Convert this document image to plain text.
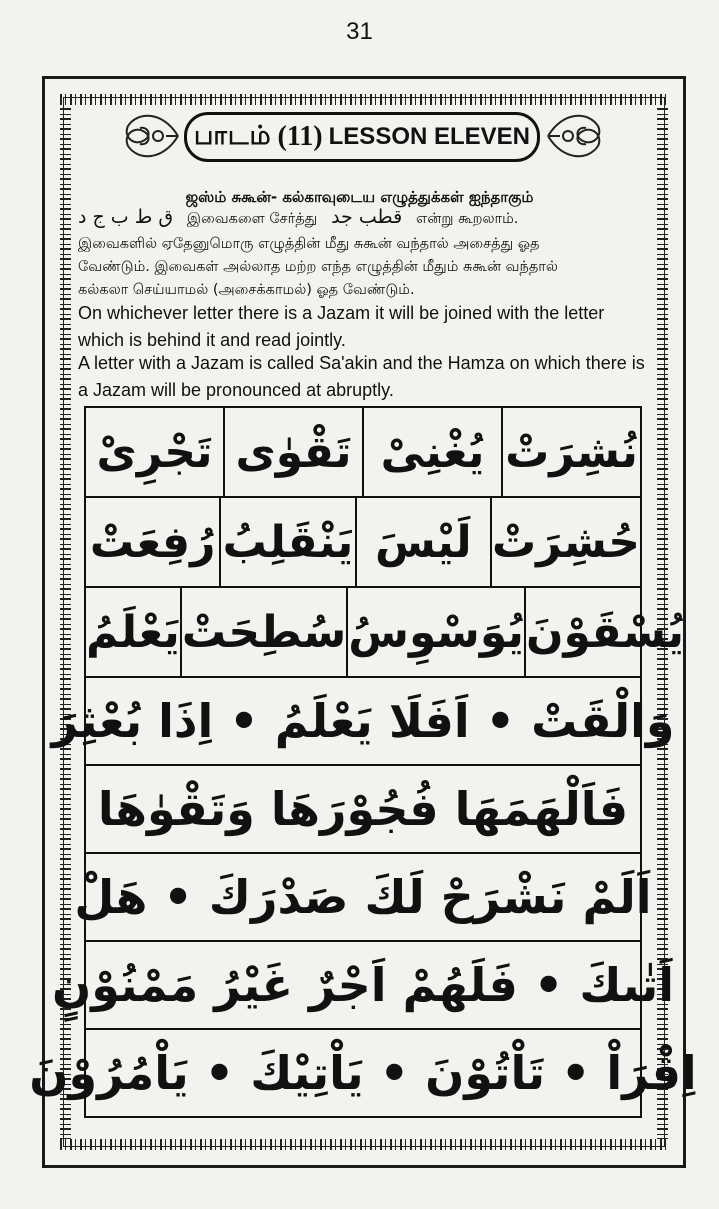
31
பாடம் (11) LESSON ELEVEN
ஜஸ்ம் சுகூன்- கல்காவுடைய எழுத்துக்கள் ஐந்தாகும்
ق ط ب ج د இவைகளை சேர்த்து قطب جد என்று கூறலாம்.
இவைகளில் ஏதேனுமொரு எழுத்தின் மீது சுகூன் வந்தால் அசைத்து ஓத
வேண்டும். இவைகள் அல்லாத மற்ற எந்த எழுத்தின் மீதும் சுகூன் வந்தால்
கல்கலா செய்யாமல் (அசைக்காமல்) ஓத வேண்டும்.
On whichever letter there is a Jazam it will be joined with the letter which is behind it and read jointly.
A letter with a Jazam is called Sa'akin and the Hamza on which there is a Jazam will be pronounced at abruptly.
تَجْرِىْ تَقْوٰى يُغْنِىْ نُشِرَتْ
رُفِعَتْ يَنْقَلِبُ لَيْسَ حُشِرَتْ
يَعْلَمُ سُطِحَتْ يُوَسْوِسُ يُسْقَوْنَ
وَالْقَتْ • اَفَلَا يَعْلَمُ • اِذَا بُعْثِرَ
فَاَلْهَمَهَا فُجُوْرَهَا وَتَقْوٰهَا
اَلَمْ نَشْرَحْ لَكَ صَدْرَكَ • هَلْ
اَتٰىكَ • فَلَهُمْ اَجْرٌ غَيْرُ مَمْنُوْنٍ
اِقْرَاْ • تَاْتُوْنَ • يَاْتِيْكَ • يَاْمُرُوْنَ
